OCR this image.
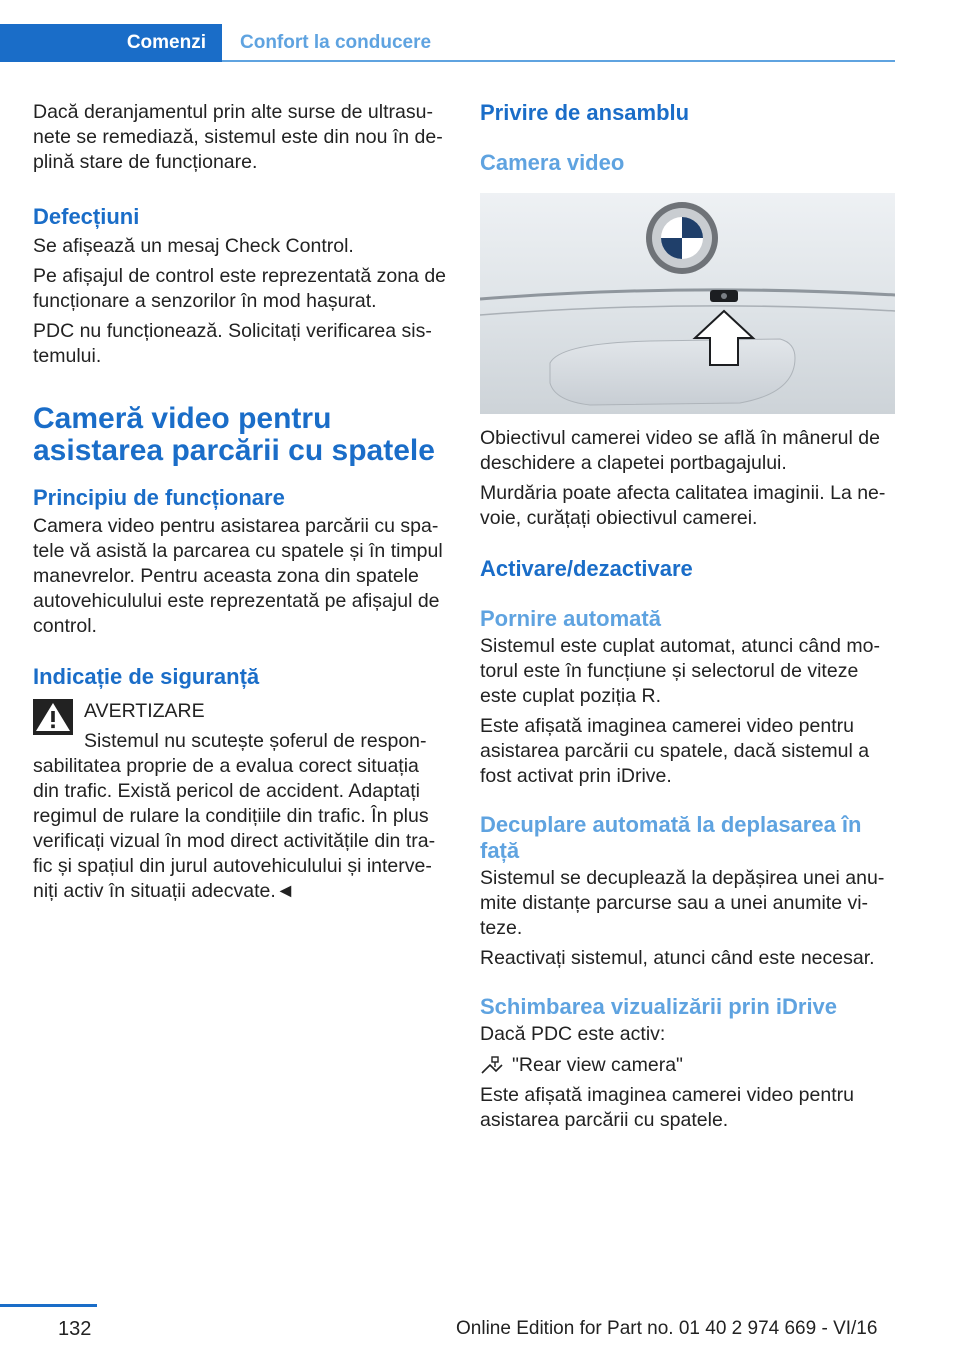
Comenzi	Confort la conducere

Dacă deranjamentul prin alte surse de ultrasu‐nete se remediază, sistemul este din nou în de‐plină stare de funcționare.

Defecțiuni

Se afișează un mesaj Check Control.

Pe afișajul de control este reprezentată zona de funcționare a senzorilor în mod hașurat.

PDC nu funcționează. Solicitați verificarea sis‐temului.

Cameră video pentru asistarea parcării cu spatele
Principiu de funcționare

Camera video pentru asistarea parcării cu spa‐tele vă asistă la parcarea cu spatele și în timpul manevrelor. Pentru aceasta zona din spatele autovehiculului este reprezentată pe afișajul de control.

Indicație de siguranță

AVERTIZARE

Sistemul nu scutește șoferul de respon‐sabilitatea proprie de a evalua corect situația din trafic. Există pericol de accident. Adaptați regimul de rulare la condițiile din trafic. În plus verificați vizual în mod direct activitățile din tra‐fic și spațiul din jurul autovehiculului și interve‐niți activ în situații adecvate.◄

Privire de ansamblu
Camera video

Obiectivul camerei video se află în mânerul de deschidere a clapetei portbagajului.

Murdăria poate afecta calitatea imaginii. La ne‐voie, curățați obiectivul camerei.

Activare/dezactivare
Pornire automată

Sistemul este cuplat automat, atunci când mo‐torul este în funcțiune și selectorul de viteze este cuplat poziția R.

Este afișată imaginea camerei video pentru asistarea parcării cu spatele, dacă sistemul a fost activat prin iDrive.

Decuplare automată la deplasarea în față

Sistemul se decuplează la depășirea unei anu‐mite distanțe parcurse sau a unei anumite vi‐teze.

Reactivați sistemul, atunci când este necesar.

Schimbarea vizualizării prin iDrive

Dacă PDC este activ:

"Rear view camera"

Este afișată imaginea camerei video pentru asistarea parcării cu spatele.

132	Online Edition for Part no. 01 40 2 974 669 - VI/16
